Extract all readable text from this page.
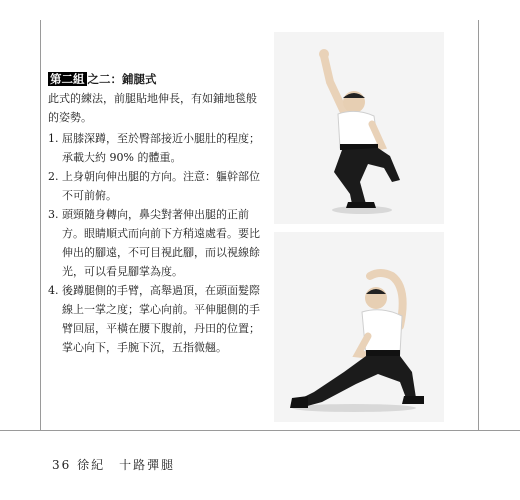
第二組 之二：鋪腿式

此式的練法，前腿貼地伸長，有如鋪地毯般的姿勢。

1. 屈膝深蹲，至於臀部接近小腿肚的程度；承載大約 90% 的體重。
2. 上身朝向伸出腿的方向。注意：軀幹部位不可前俯。
3. 頭頸隨身轉向，鼻尖對著伸出腿的正前方。眼睛順式而向前下方稍遠處看。要比伸出的腳遠，不可目視此腳，而以視線餘光，可以看見腳掌為度。
4. 後蹲腿側的手臂，高舉過頂，在頭面髮際線上一掌之度；掌心向前。平伸腿側的手臂回屈，平橫在腰下腹前，丹田的位置；掌心向下，手腕下沉，五指微翹。
36 徐紀　十路彈腿
